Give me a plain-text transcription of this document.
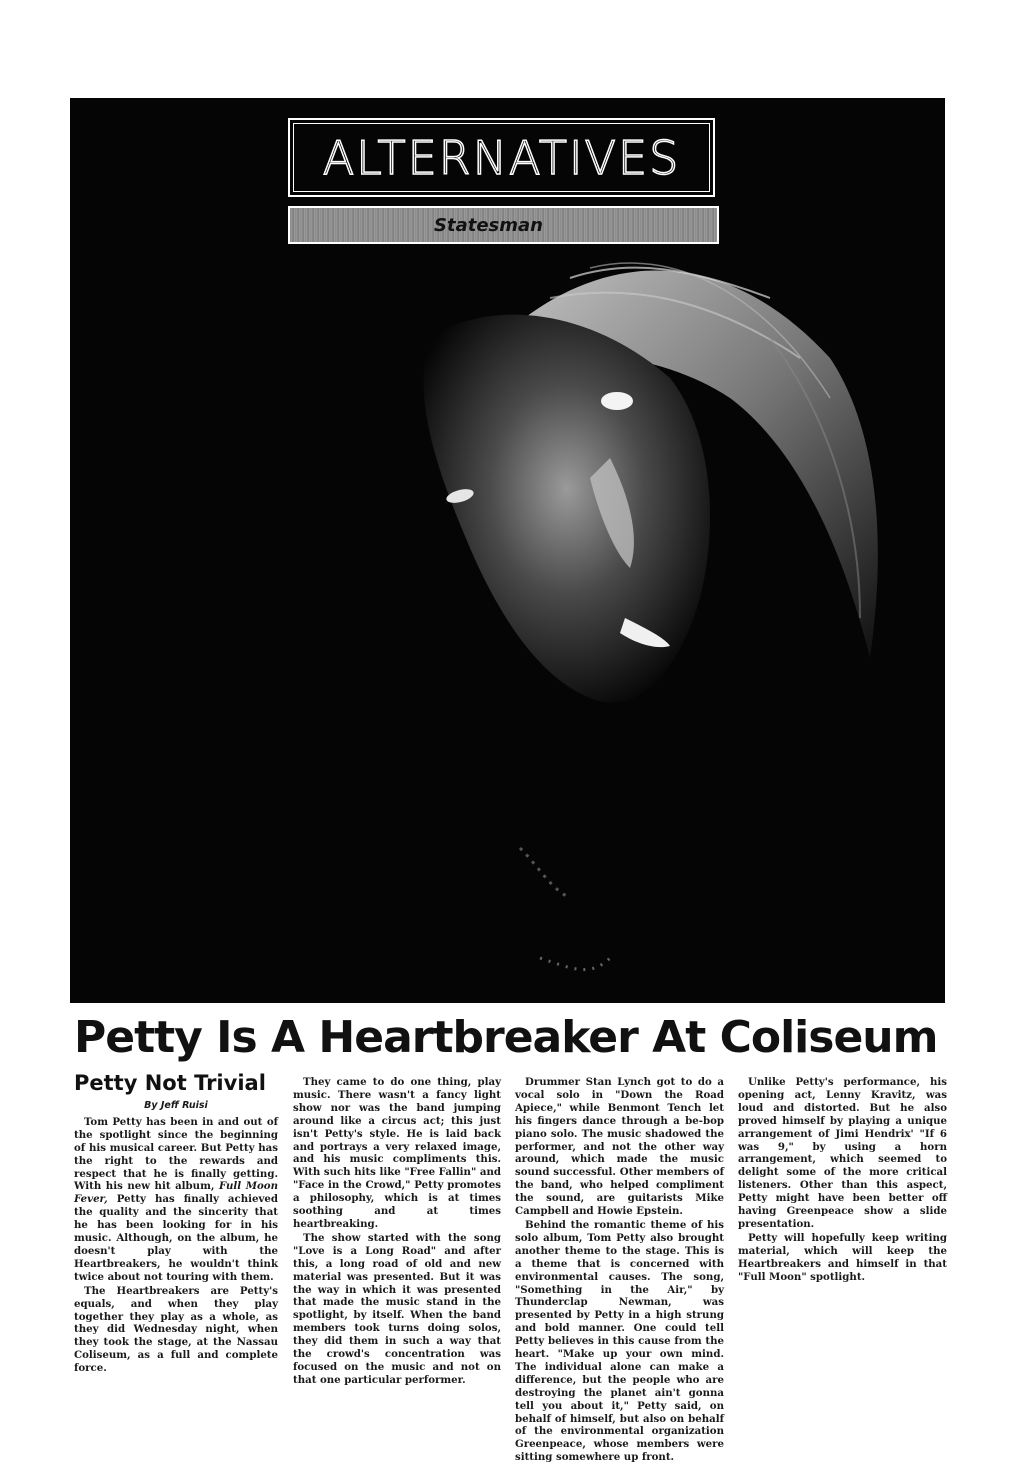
ALTERNATIVES
Statesman
Petty Is A Heartbreaker At Coliseum
Petty Not Trivial
By Jeff Ruisi

Tom Petty has been in and out of the spotlight since the beginning of his musical career. But Petty has the right to the rewards and respect that he is finally getting. With his new hit album, Full Moon Fever, Petty has finally achieved the quality and the sincerity that he has been looking for in his music. Although, on the album, he doesn't play with the Heartbreakers, he wouldn't think twice about not touring with them.

The Heartbreakers are Petty's equals, and when they play together they play as a whole, as they did Wednesday night, when they took the stage, at the Nassau Coliseum, as a full and complete force.

They came to do one thing, play music. There wasn't a fancy light show nor was the band jumping around like a circus act; this just isn't Petty's style. He is laid back and portrays a very relaxed image, and his music compliments this. With such hits like "Free Fallin" and "Face in the Crowd," Petty promotes a philosophy, which is at times soothing and at times heartbreaking.

The show started with the song "Love is a Long Road" and after this, a long road of old and new material was presented. But it was the way in which it was presented that made the music stand in the spotlight, by itself. When the band members took turns doing solos, they did them in such a way that the crowd's concentration was focused on the music and not on that one particular performer.

Drummer Stan Lynch got to do a vocal solo in "Down the Road Apiece," while Benmont Tench let his fingers dance through a be-bop piano solo. The music shadowed the performer, and not the other way around, which made the music sound successful. Other members of the band, who helped compliment the sound, are guitarists Mike Campbell and Howie Epstein.

Behind the romantic theme of his solo album, Tom Petty also brought another theme to the stage. This is a theme that is concerned with environmental causes. The song, "Something in the Air," by Thunderclap Newman, was presented by Petty in a high strung and bold manner. One could tell Petty believes in this cause from the heart. "Make up your own mind. The individual alone can make a difference, but the people who are destroying the planet ain't gonna tell you about it," Petty said, on behalf of himself, but also on behalf of the environmental organization Greenpeace, whose members were sitting somewhere up front.

Unlike Petty's performance, his opening act, Lenny Kravitz, was loud and distorted. But he also proved himself by playing a unique arrangement of Jimi Hendrix' "If 6 was 9," by using a horn arrangement, which seemed to delight some of the more critical listeners. Other than this aspect, Petty might have been better off having Greenpeace show a slide presentation.

Petty will hopefully keep writing material, which will keep the Heartbreakers and himself in that "Full Moon" spotlight.
